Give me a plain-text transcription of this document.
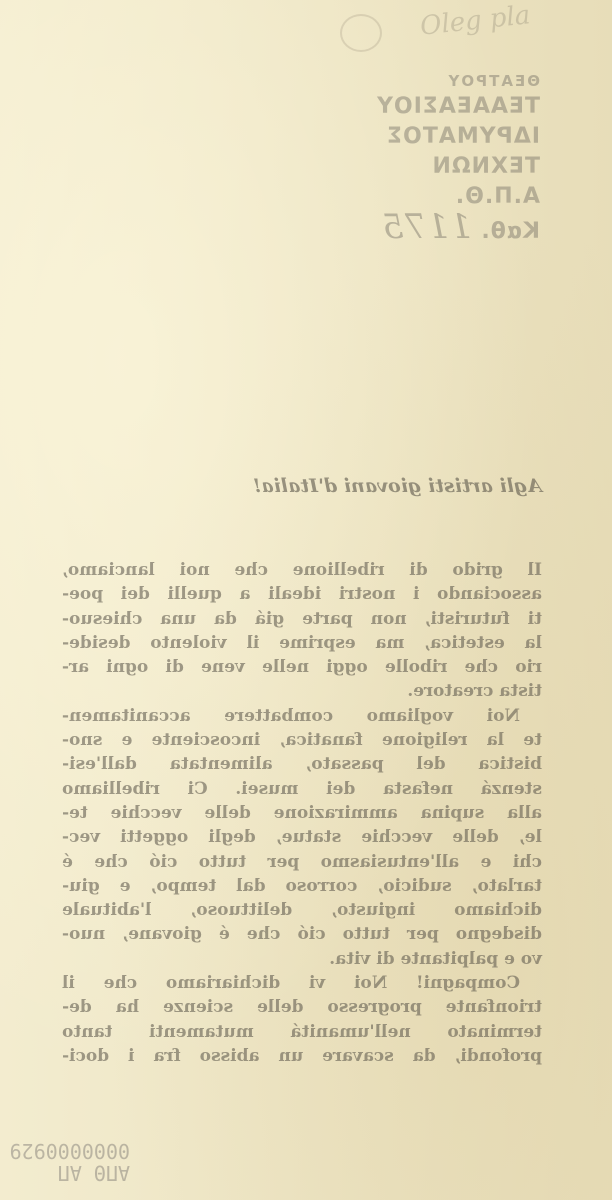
Oleg pla
ΘΕΑΤΡΟΥ
ΤΕΑΑΕΑΣΙΟΥ
ΙΔΡΥΜΑΤΟΣ
ΤΕΧΝΩΝ
Α.Π.Θ.
Καθ. 1175
Agli artisti giovani d'Italia!
Il grido di ribellione che noi lanciamo,
associando i nostri ideali a quelli dei poe-
ti futuristi, non parte giá da una chiesuo-
la estetica, ma esprime il violento deside-
rio che ribolle oggi nelle vene di ogni ar-
tista creatore.
Noi vogliamo combattere accanitamen-
te la religione fanatica, incosciente e sno-
bistica del passato, alimentata dall'esi-
stenzá nefasta dei musei. Ci ribelliamo
alla supina ammirazione delle vecchie te-
le, delle vecchie statue, degli oggetti vec-
chi e all'entusiasmo per tutto ció che é
tarlato, sudicio, corroso dal tempo, e giu-
dichiamo ingiusto, delittuoso, l'abituale
disdegno per tutto ció che é giovane, nuo-
vo e palpitante di vita.
Compagni! Noi vi dichiariamo che il
trionfante progresso delle scienze ha de-
terminato nell'umanitá mutamenti tanto
profondi, da scavare un abisso fra i doci-
ΑΠΘ ΑΠ
0000000929
